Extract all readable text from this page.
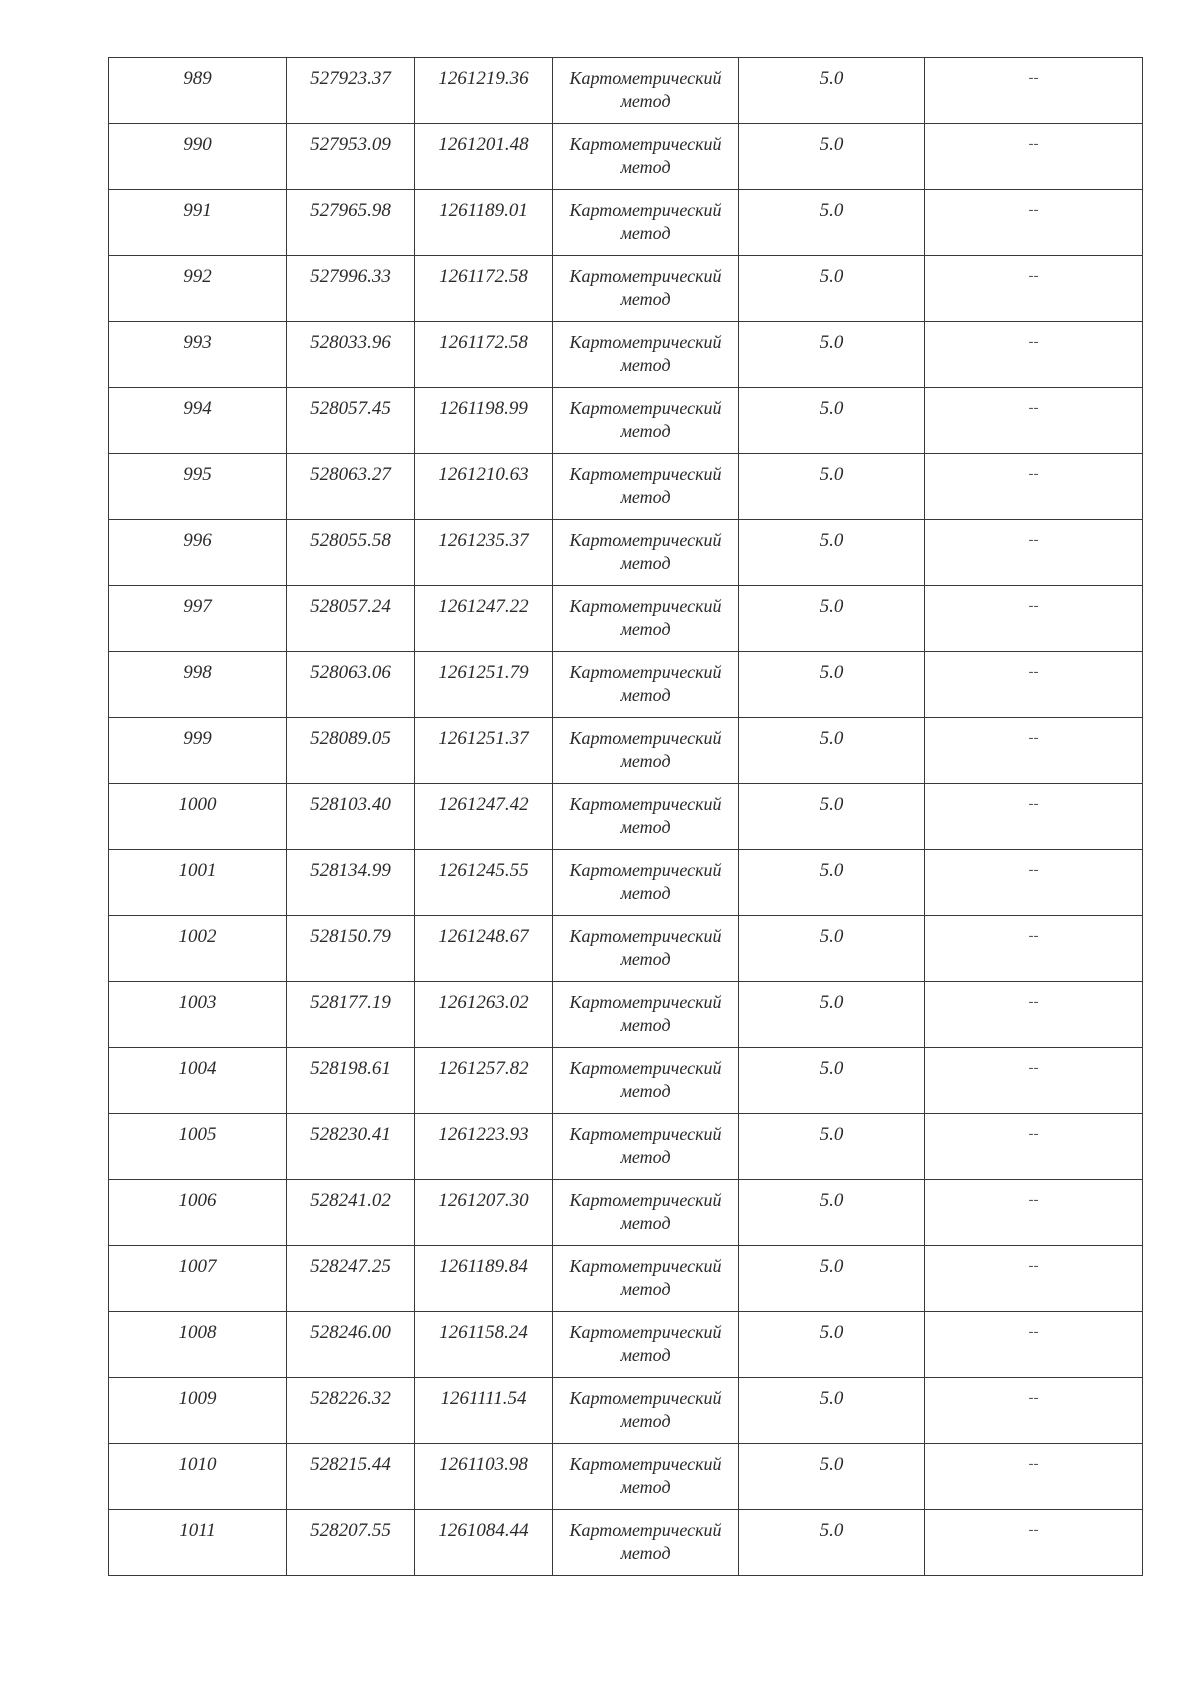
989	527923.37	1261219.36	Картометрический
метод	5.0	--
990	527953.09	1261201.48	Картометрический
метод	5.0	--
991	527965.98	1261189.01	Картометрический
метод	5.0	--
992	527996.33	1261172.58	Картометрический
метод	5.0	--
993	528033.96	1261172.58	Картометрический
метод	5.0	--
994	528057.45	1261198.99	Картометрический
метод	5.0	--
995	528063.27	1261210.63	Картометрический
метод	5.0	--
996	528055.58	1261235.37	Картометрический
метод	5.0	--
997	528057.24	1261247.22	Картометрический
метод	5.0	--
998	528063.06	1261251.79	Картометрический
метод	5.0	--
999	528089.05	1261251.37	Картометрический
метод	5.0	--
1000	528103.40	1261247.42	Картометрический
метод	5.0	--
1001	528134.99	1261245.55	Картометрический
метод	5.0	--
1002	528150.79	1261248.67	Картометрический
метод	5.0	--
1003	528177.19	1261263.02	Картометрический
метод	5.0	--
1004	528198.61	1261257.82	Картометрический
метод	5.0	--
1005	528230.41	1261223.93	Картометрический
метод	5.0	--
1006	528241.02	1261207.30	Картометрический
метод	5.0	--
1007	528247.25	1261189.84	Картометрический
метод	5.0	--
1008	528246.00	1261158.24	Картометрический
метод	5.0	--
1009	528226.32	1261111.54	Картометрический
метод	5.0	--
1010	528215.44	1261103.98	Картометрический
метод	5.0	--
1011	528207.55	1261084.44	Картометрический
метод	5.0	--
